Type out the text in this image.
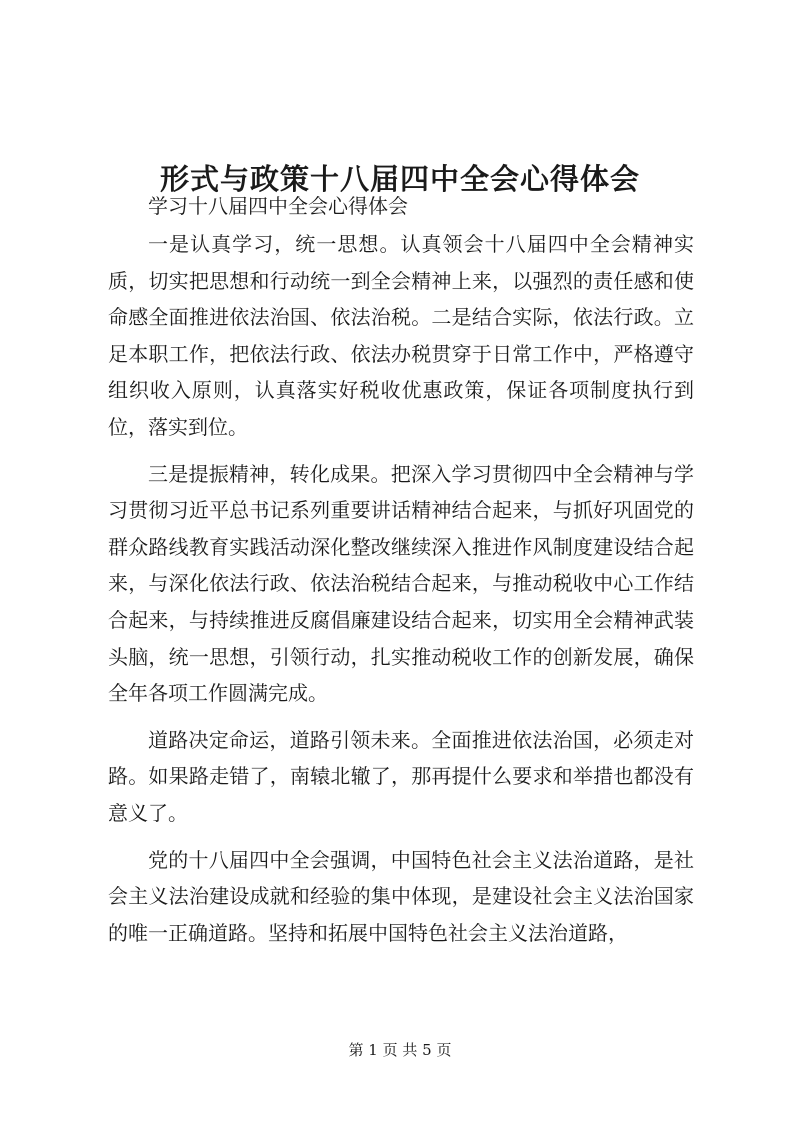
形式与政策十八届四中全会心得体会

学习十八届四中全会心得体会

一是认真学习，统一思想。认真领会十八届四中全会精神实质，切实把思想和行动统一到全会精神上来，以强烈的责任感和使命感全面推进依法治国、依法治税。二是结合实际，依法行政。立足本职工作，把依法行政、依法办税贯穿于日常工作中，严格遵守组织收入原则，认真落实好税收优惠政策，保证各项制度执行到位，落实到位。

三是提振精神，转化成果。把深入学习贯彻四中全会精神与学习贯彻习近平总书记系列重要讲话精神结合起来，与抓好巩固党的群众路线教育实践活动深化整改继续深入推进作风制度建设结合起来，与深化依法行政、依法治税结合起来，与推动税收中心工作结合起来，与持续推进反腐倡廉建设结合起来，切实用全会精神武装头脑，统一思想，引领行动，扎实推动税收工作的创新发展，确保全年各项工作圆满完成。

道路决定命运，道路引领未来。全面推进依法治国，必须走对路。如果路走错了，南辕北辙了，那再提什么要求和举措也都没有意义了。

党的十八届四中全会强调，中国特色社会主义法治道路，是社会主义法治建设成就和经验的集中体现，是建设社会主义法治国家的唯一正确道路。坚持和拓展中国特色社会主义法治道路，

第 1 页 共 5 页
